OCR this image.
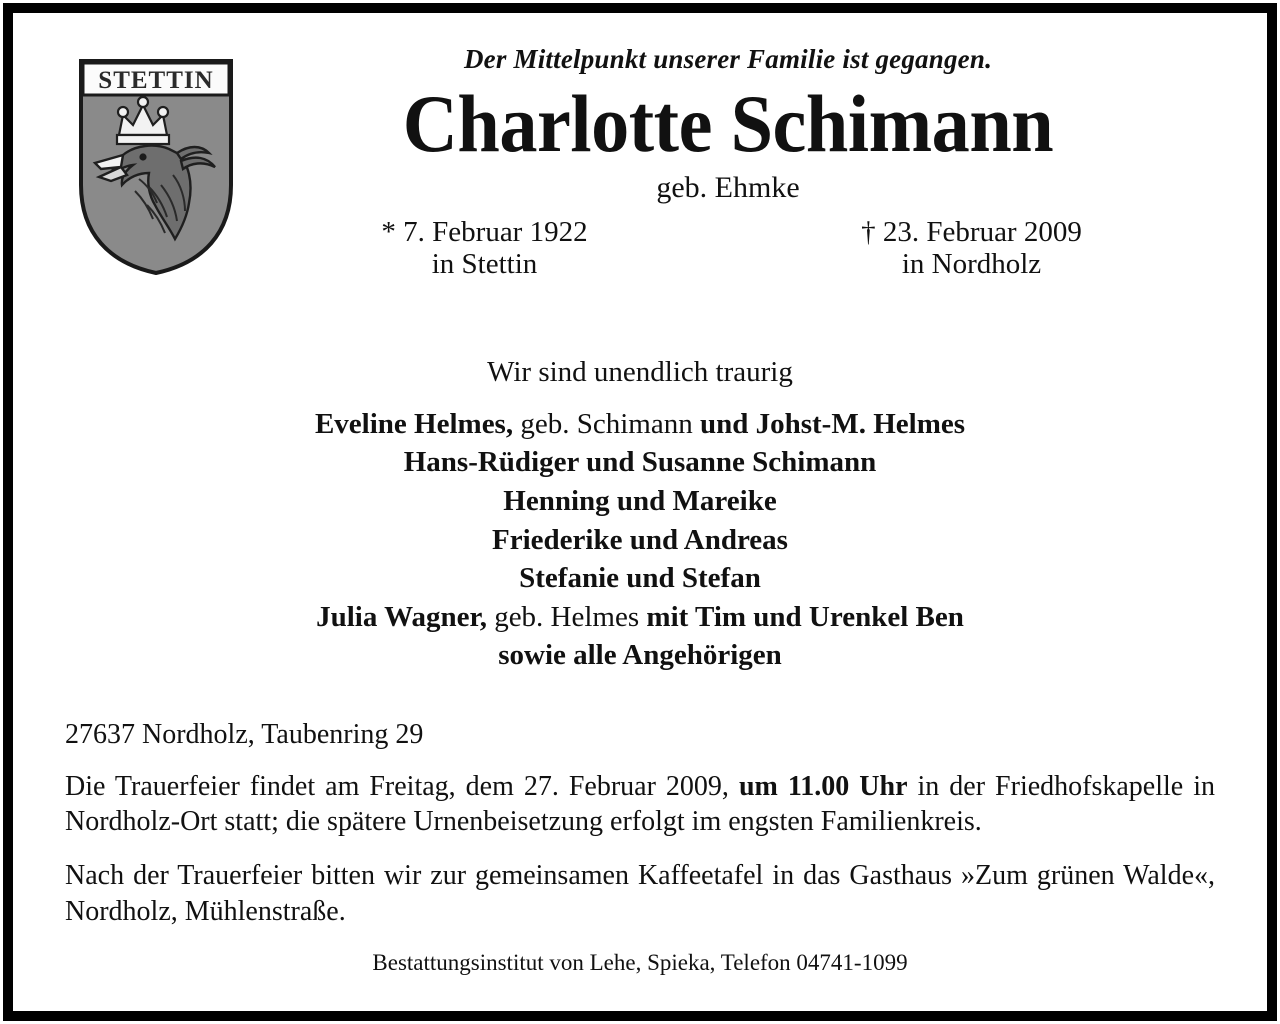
STETTIN

Der Mittelpunkt unserer Familie ist gegangen.

Charlotte Schimann

geb. Ehmke

* 7. Februar 1922
in Stettin
† 23. Februar 2009
in Nordholz
Wir sind unendlich traurig
Eveline Helmes, geb. Schimann und Johst-M. Helmes
Hans-Rüdiger und Susanne Schimann
Henning und Mareike
Friederike und Andreas
Stefanie und Stefan
Julia Wagner, geb. Helmes mit Tim und Urenkel Ben
sowie alle Angehörigen
27637 Nordholz, Taubenring 29
Die Trauerfeier findet am Freitag, dem 27. Februar 2009, um 11.00 Uhr in der Friedhofskapelle in Nordholz-Ort statt; die spätere Urnenbeisetzung erfolgt im engsten Familienkreis.
Nach der Trauerfeier bitten wir zur gemeinsamen Kaffeetafel in das Gasthaus »Zum grünen Walde«, Nordholz, Mühlenstraße.
Bestattungsinstitut von Lehe, Spieka, Telefon 04741-1099
